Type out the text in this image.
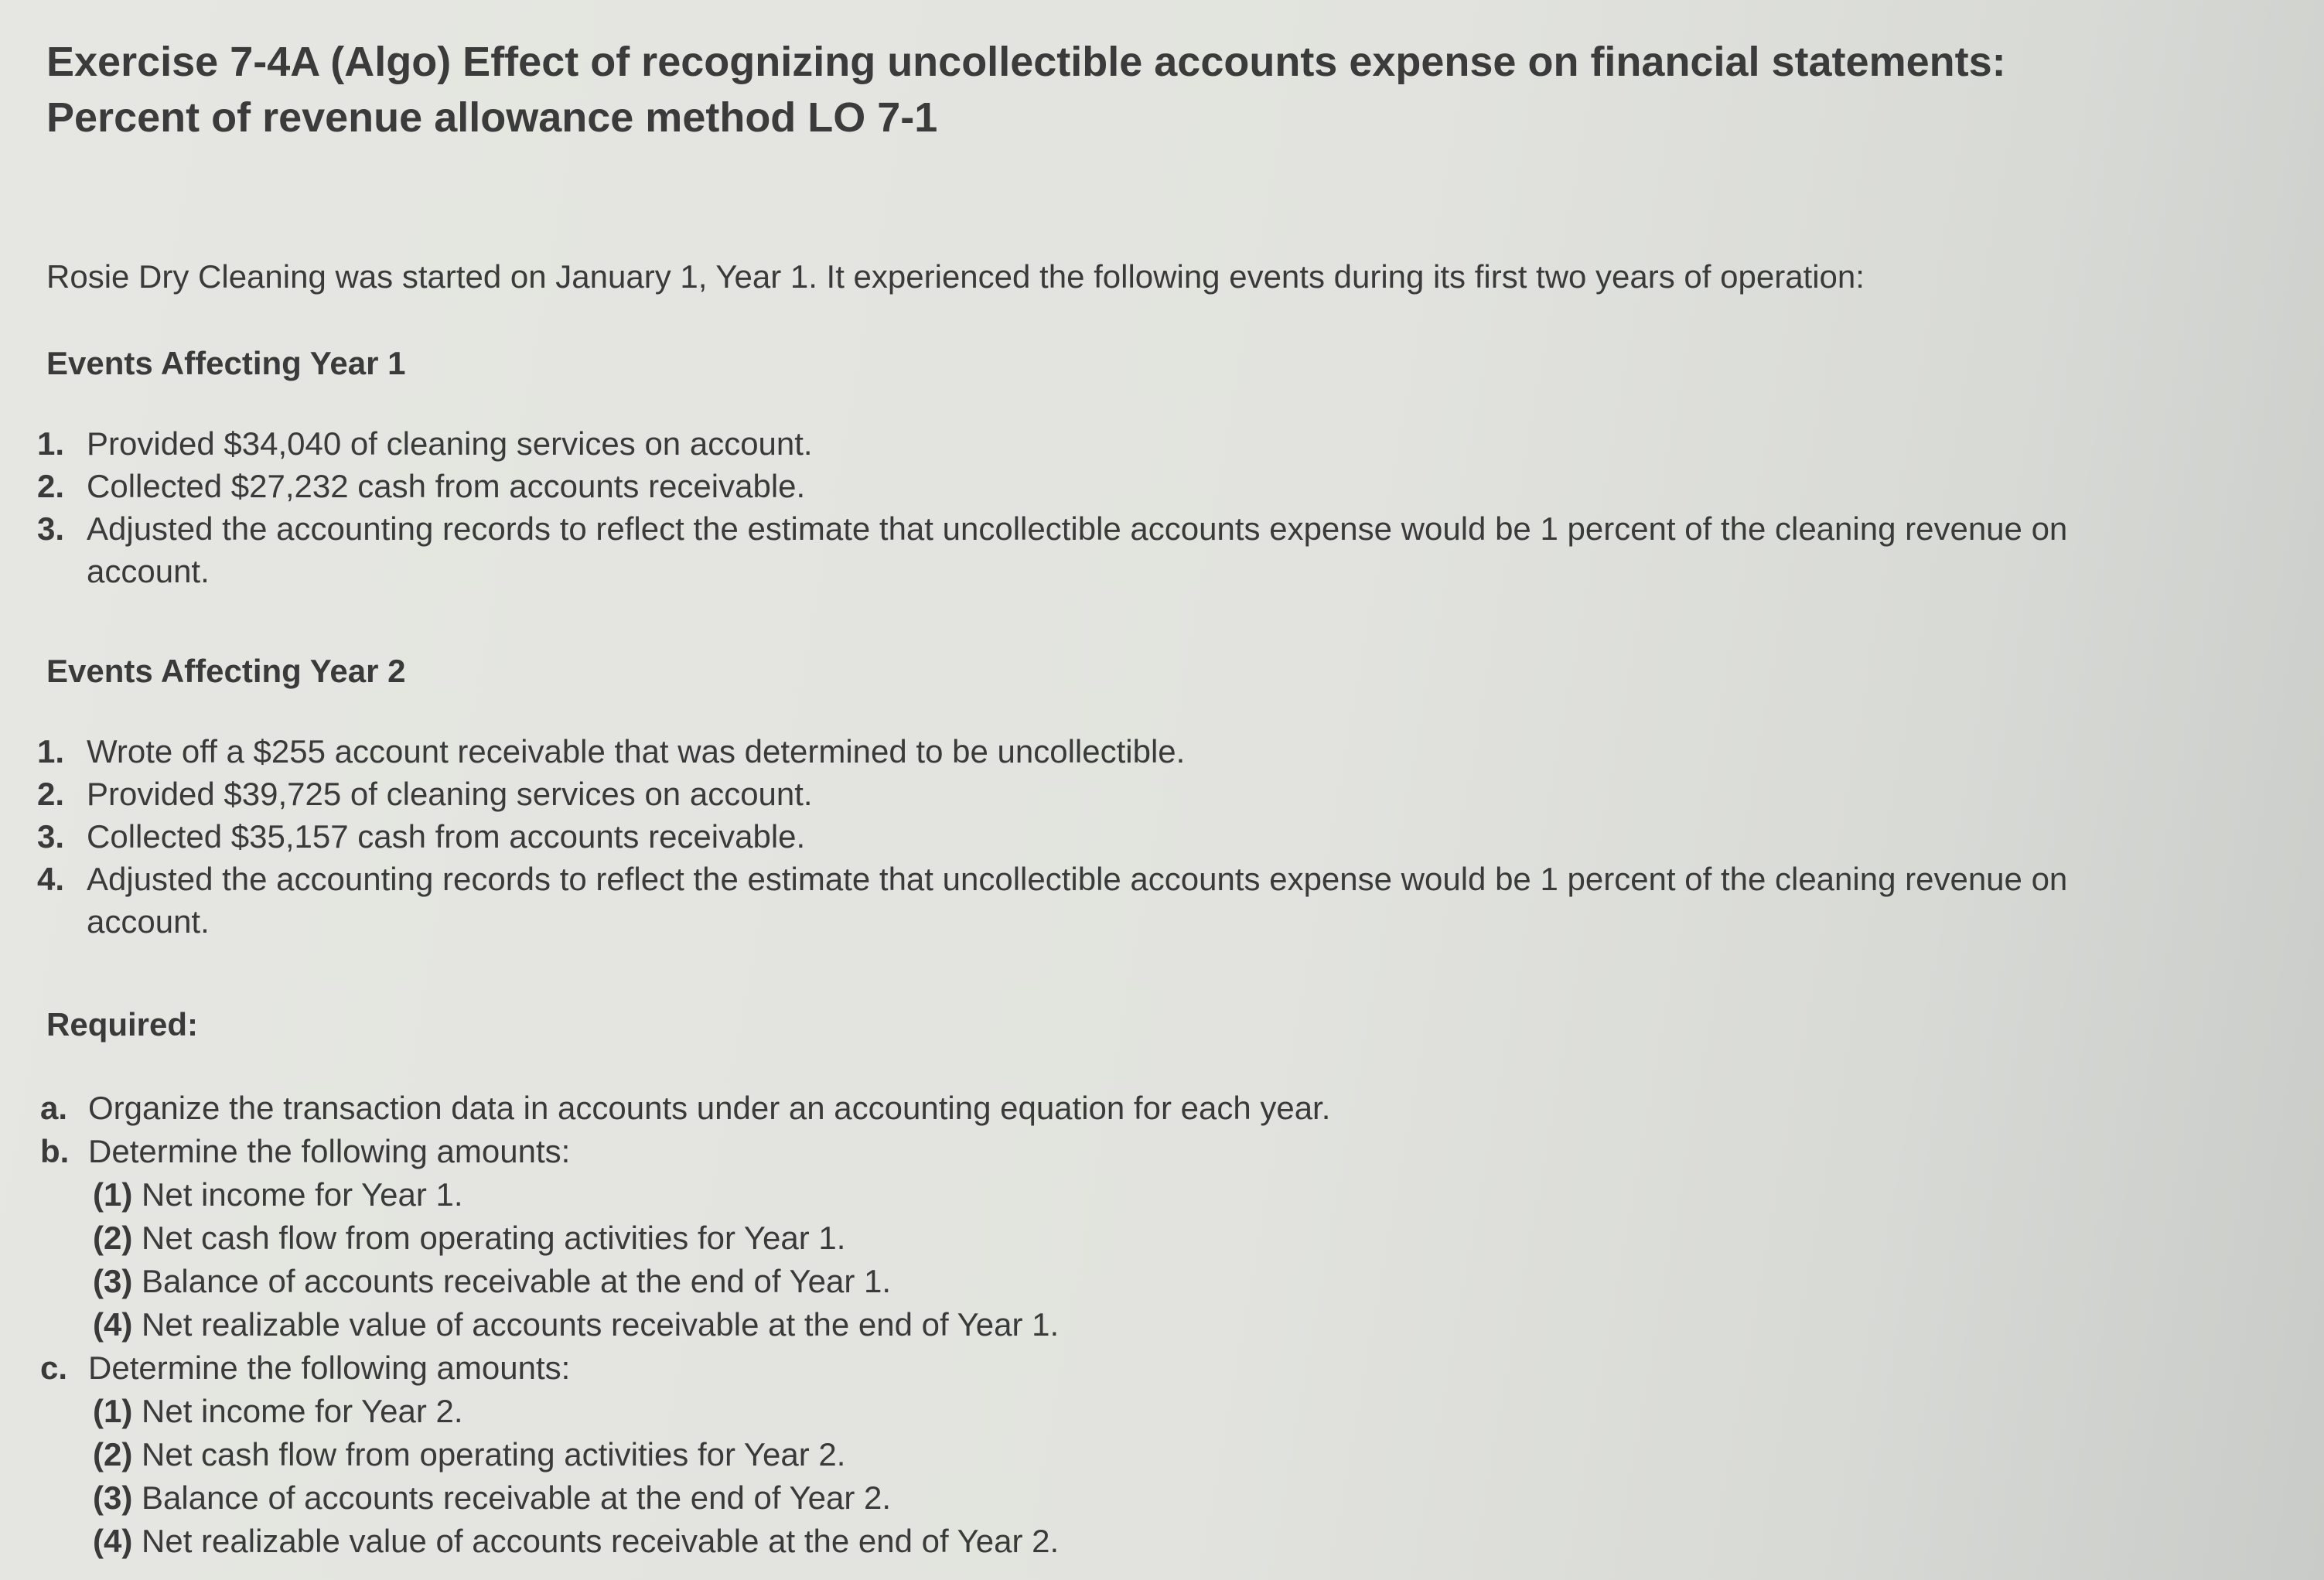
Exercise 7-4A (Algo) Effect of recognizing uncollectible accounts expense on financial statements:
Percent of revenue allowance method LO 7-1
Rosie Dry Cleaning was started on January 1, Year 1. It experienced the following events during its first two years of operation:
Events Affecting Year 1
1. Provided $34,040 of cleaning services on account.
2. Collected $27,232 cash from accounts receivable.
3. Adjusted the accounting records to reflect the estimate that uncollectible accounts expense would be 1 percent of the cleaning revenue on account.
Events Affecting Year 2
1. Wrote off a $255 account receivable that was determined to be uncollectible.
2. Provided $39,725 of cleaning services on account.
3. Collected $35,157 cash from accounts receivable.
4. Adjusted the accounting records to reflect the estimate that uncollectible accounts expense would be 1 percent of the cleaning revenue on account.
Required:
a. Organize the transaction data in accounts under an accounting equation for each year.
b. Determine the following amounts:
(1) Net income for Year 1.
(2) Net cash flow from operating activities for Year 1.
(3) Balance of accounts receivable at the end of Year 1.
(4) Net realizable value of accounts receivable at the end of Year 1.
c. Determine the following amounts:
(1) Net income for Year 2.
(2) Net cash flow from operating activities for Year 2.
(3) Balance of accounts receivable at the end of Year 2.
(4) Net realizable value of accounts receivable at the end of Year 2.
